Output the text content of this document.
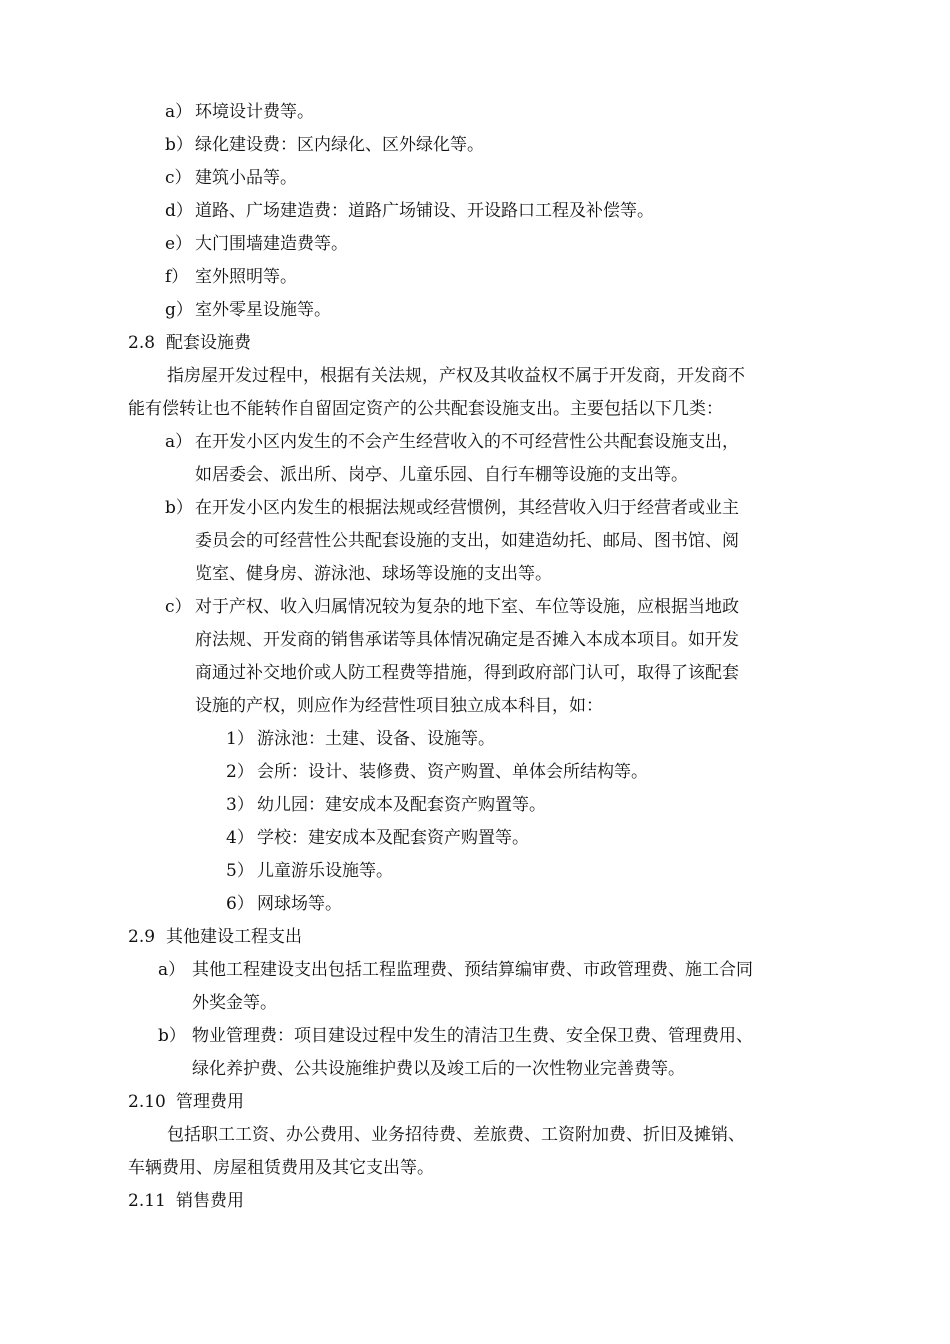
a） 环境设计费等。
b） 绿化建设费：区内绿化、区外绿化等。
c） 建筑小品等。
d） 道路、广场建造费：道路广场铺设、开设路口工程及补偿等。
e） 大门围墙建造费等。
f） 室外照明等。
g） 室外零星设施等。
2.8 配套设施费
指房屋开发过程中，根据有关法规，产权及其收益权不属于开发商，开发商不
能有偿转让也不能转作自留固定资产的公共配套设施支出。主要包括以下几类：
a） 在开发小区内发生的不会产生经营收入的不可经营性公共配套设施支出，
如居委会、派出所、岗亭、儿童乐园、自行车棚等设施的支出等。
b） 在开发小区内发生的根据法规或经营惯例，其经营收入归于经营者或业主
委员会的可经营性公共配套设施的支出，如建造幼托、邮局、图书馆、阅
览室、健身房、游泳池、球场等设施的支出等。
c） 对于产权、收入归属情况较为复杂的地下室、车位等设施，应根据当地政
府法规、开发商的销售承诺等具体情况确定是否摊入本成本项目。如开发
商通过补交地价或人防工程费等措施，得到政府部门认可，取得了该配套
设施的产权，则应作为经营性项目独立成本科目，如：
1） 游泳池：土建、设备、设施等。
2） 会所：设计、装修费、资产购置、单体会所结构等。
3） 幼儿园：建安成本及配套资产购置等。
4） 学校：建安成本及配套资产购置等。
5） 儿童游乐设施等。
6） 网球场等。
2.9 其他建设工程支出
a） 其他工程建设支出包括工程监理费、预结算编审费、市政管理费、施工合同
外奖金等。
b） 物业管理费：项目建设过程中发生的清洁卫生费、安全保卫费、管理费用、
绿化养护费、公共设施维护费以及竣工后的一次性物业完善费等。
2.10 管理费用
包括职工工资、办公费用、业务招待费、差旅费、工资附加费、折旧及摊销、
车辆费用、房屋租赁费用及其它支出等。
2.11 销售费用
